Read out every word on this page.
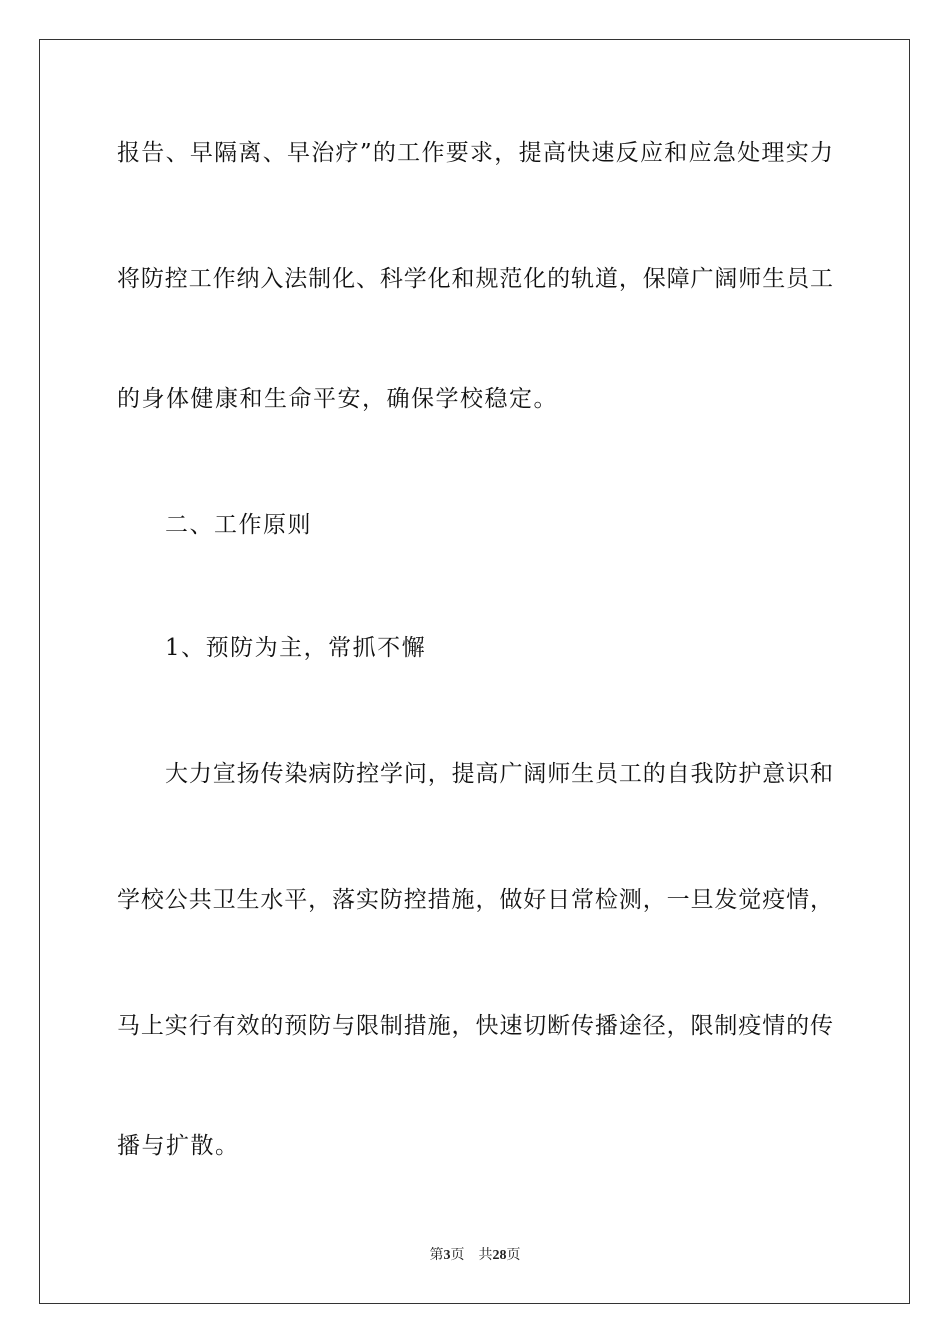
报告、早隔离、早治疗”的工作要求，提高快速反应和应急处理实力
将防控工作纳入法制化、科学化和规范化的轨道，保障广阔师生员工
的身体健康和生命平安，确保学校稳定。
二、工作原则
1、预防为主，常抓不懈
大力宣扬传染病防控学问，提高广阔师生员工的自我防护意识和
学校公共卫生水平，落实防控措施，做好日常检测，一旦发觉疫情，
马上实行有效的预防与限制措施，快速切断传播途径，限制疫情的传
播与扩散。
第3页 共28页
